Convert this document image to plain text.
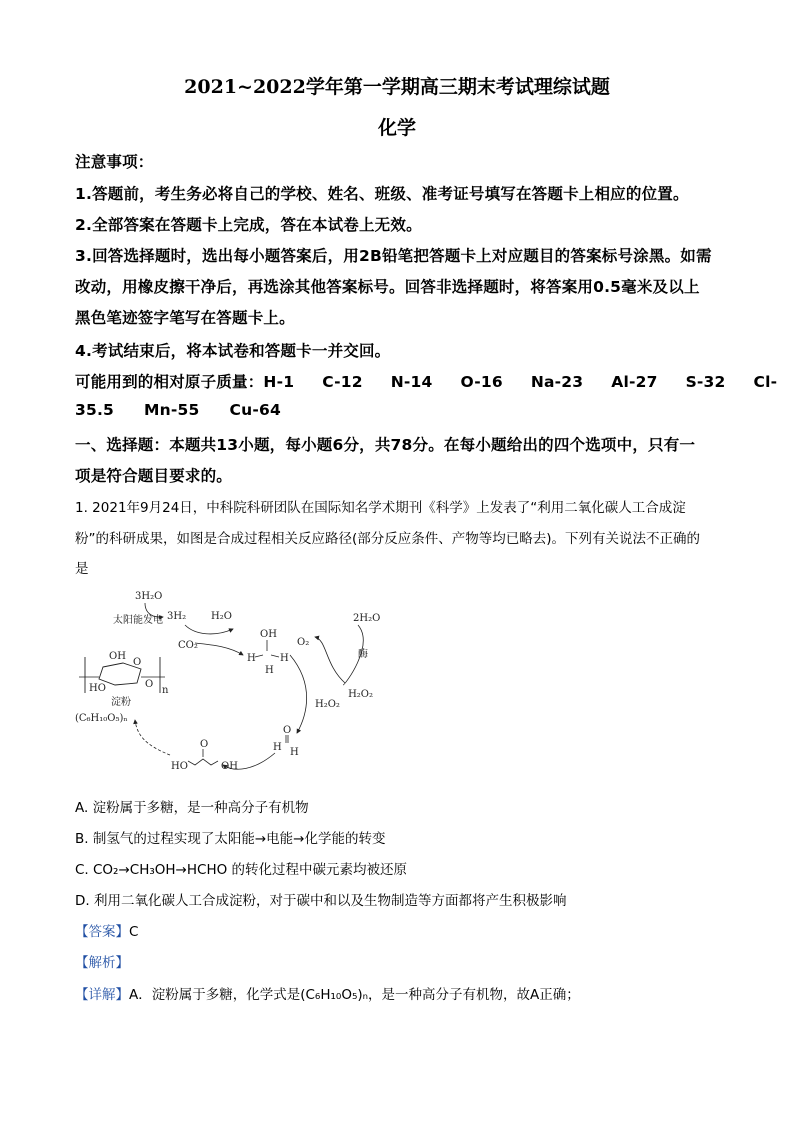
2021~2022学年第一学期高三期末考试理综试题
化学
注意事项：
1.答题前，考生务必将自己的学校、姓名、班级、准考证号填写在答题卡上相应的位置。
2.全部答案在答题卡上完成，答在本试卷上无效。
3.回答选择题时，选出每小题答案后，用2B铅笔把答题卡上对应题目的答案标号涂黑。如需
改动，用橡皮擦干净后，再选涂其他答案标号。回答非选择题时，将答案用0.5毫米及以上
黑色笔迹签字笔写在答题卡上。
4.考试结束后，将本试卷和答题卡一并交回。
可能用到的相对原子质量：H-1 C-12 N-14 O-16 Na-23 Al-27 S-32 Cl-
35.5 Mn-55 Cu-64
一、选择题：本题共13小题，每小题6分，共78分。在每小题给出的四个选项中，只有一
项是符合题目要求的。
1. 2021年9月24日，中科院科研团队在国际知名学术期刊《科学》上发表了“利用二氧化碳人工合成淀
粉”的科研成果，如图是合成过程相关反应路径(部分反应条件、产物等均已略去)。下列有关说法不正确的
是
3H₂O
太阳能发电 3H₂ H₂O
CO₂
OH
H H
H
O₂
2H₂O
酶
H₂O₂
H₂O₂
O
H H
O
HO	OH
OH
HO
O
O
n
淀粉
(C₆H₁₀O₅)ₙ
A. 淀粉属于多糖，是一种高分子有机物
B. 制氢气的过程实现了太阳能→电能→化学能的转变
C. CO₂→CH₃OH→HCHO 的转化过程中碳元素均被还原
D. 利用二氧化碳人工合成淀粉，对于碳中和以及生物制造等方面都将产生积极影响
【答案】C
【解析】
【详解】A．淀粉属于多糖，化学式是(C₆H₁₀O₅)ₙ，是一种高分子有机物，故A正确；
